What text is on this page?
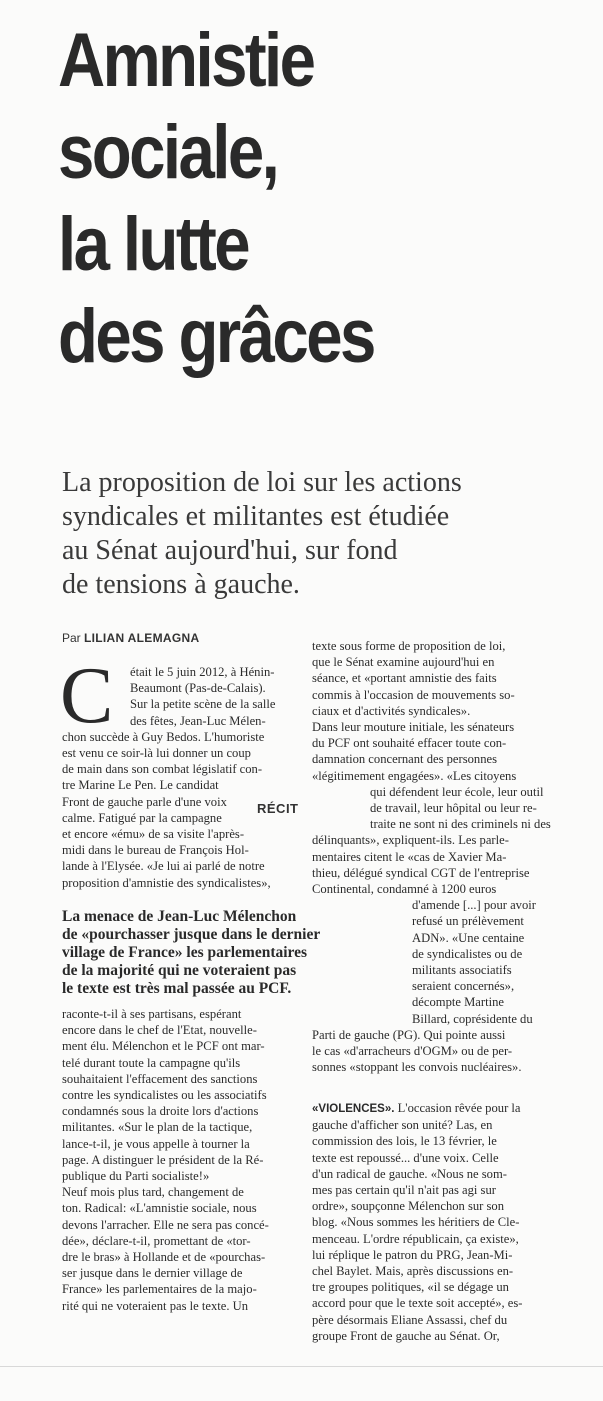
Amnistie
sociale,
la lutte
des grâces
La proposition de loi sur les actions
syndicales et militantes est étudiée
au Sénat aujourd'hui, sur fond
de tensions à gauche.
Par LILIAN ALEMAGNA
C	était le 5 juin 2012, à Hénin-
Beaumont (Pas-de-Calais).
Sur la petite scène de la salle
des fêtes, Jean-Luc Mélen-
chon succède à Guy Bedos. L'humoriste
est venu ce soir-là lui donner un coup
de main dans son combat législatif con-
tre Marine Le Pen. Le candidat
Front de gauche parle d'une voix
calme. Fatigué par la campagne
et encore «ému» de sa visite l'après-
midi dans le bureau de François Hol-
lande à l'Elysée. «Je lui ai parlé de notre
proposition d'amnistie des syndicalistes»,
RÉCIT
La menace de Jean-Luc Mélenchon
de «pourchasser jusque dans le dernier
village de France» les parlementaires
de la majorité qui ne voteraient pas
le texte est très mal passée au PCF.
raconte-t-il à ses partisans, espérant
encore dans le chef de l'Etat, nouvelle-
ment élu. Mélenchon et le PCF ont mar-
telé durant toute la campagne qu'ils
souhaitaient l'effacement des sanctions
contre les syndicalistes ou les associatifs
condamnés sous la droite lors d'actions
militantes. «Sur le plan de la tactique,
lance-t-il, je vous appelle à tourner la
page. A distinguer le président de la Ré-
publique du Parti socialiste!»
Neuf mois plus tard, changement de
ton. Radical: «L'amnistie sociale, nous
devons l'arracher. Elle ne sera pas concé-
dée», déclare-t-il, promettant de «tor-
dre le bras» à Hollande et de «pourchas-
ser jusque dans le dernier village de
France» les parlementaires de la majo-
rité qui ne voteraient pas le texte. Un
texte sous forme de proposition de loi,
que le Sénat examine aujourd'hui en
séance, et «portant amnistie des faits
commis à l'occasion de mouvements so-
ciaux et d'activités syndicales».
Dans leur mouture initiale, les sénateurs
du PCF ont souhaité effacer toute con-
damnation concernant des personnes
«légitimement engagées». «Les citoyens
qui défendent leur école, leur outil
de travail, leur hôpital ou leur re-
traite ne sont ni des criminels ni des
délinquants», expliquent-ils. Les parle-
mentaires citent le «cas de Xavier Ma-
thieu, délégué syndical CGT de l'entreprise
Continental, condamné à 1200 euros
d'amende [...] pour avoir
refusé un prélèvement
ADN». «Une centaine
de syndicalistes ou de
militants associatifs
seraient concernés»,
décompte Martine
Billard, coprésidente du
Parti de gauche (PG). Qui pointe aussi
le cas «d'arracheurs d'OGM» ou de per-
sonnes «stoppant les convois nucléaires».
«VIOLENCES». L'occasion rêvée pour la
gauche d'afficher son unité? Las, en
commission des lois, le 13 février, le
texte est repoussé... d'une voix. Celle
d'un radical de gauche. «Nous ne som-
mes pas certain qu'il n'ait pas agi sur
ordre», soupçonne Mélenchon sur son
blog. «Nous sommes les héritiers de Cle-
menceau. L'ordre républicain, ça existe»,
lui réplique le patron du PRG, Jean-Mi-
chel Baylet. Mais, après discussions en-
tre groupes politiques, «il se dégage un
accord pour que le texte soit accepté», es-
père désormais Eliane Assassi, chef du
groupe Front de gauche au Sénat. Or,
